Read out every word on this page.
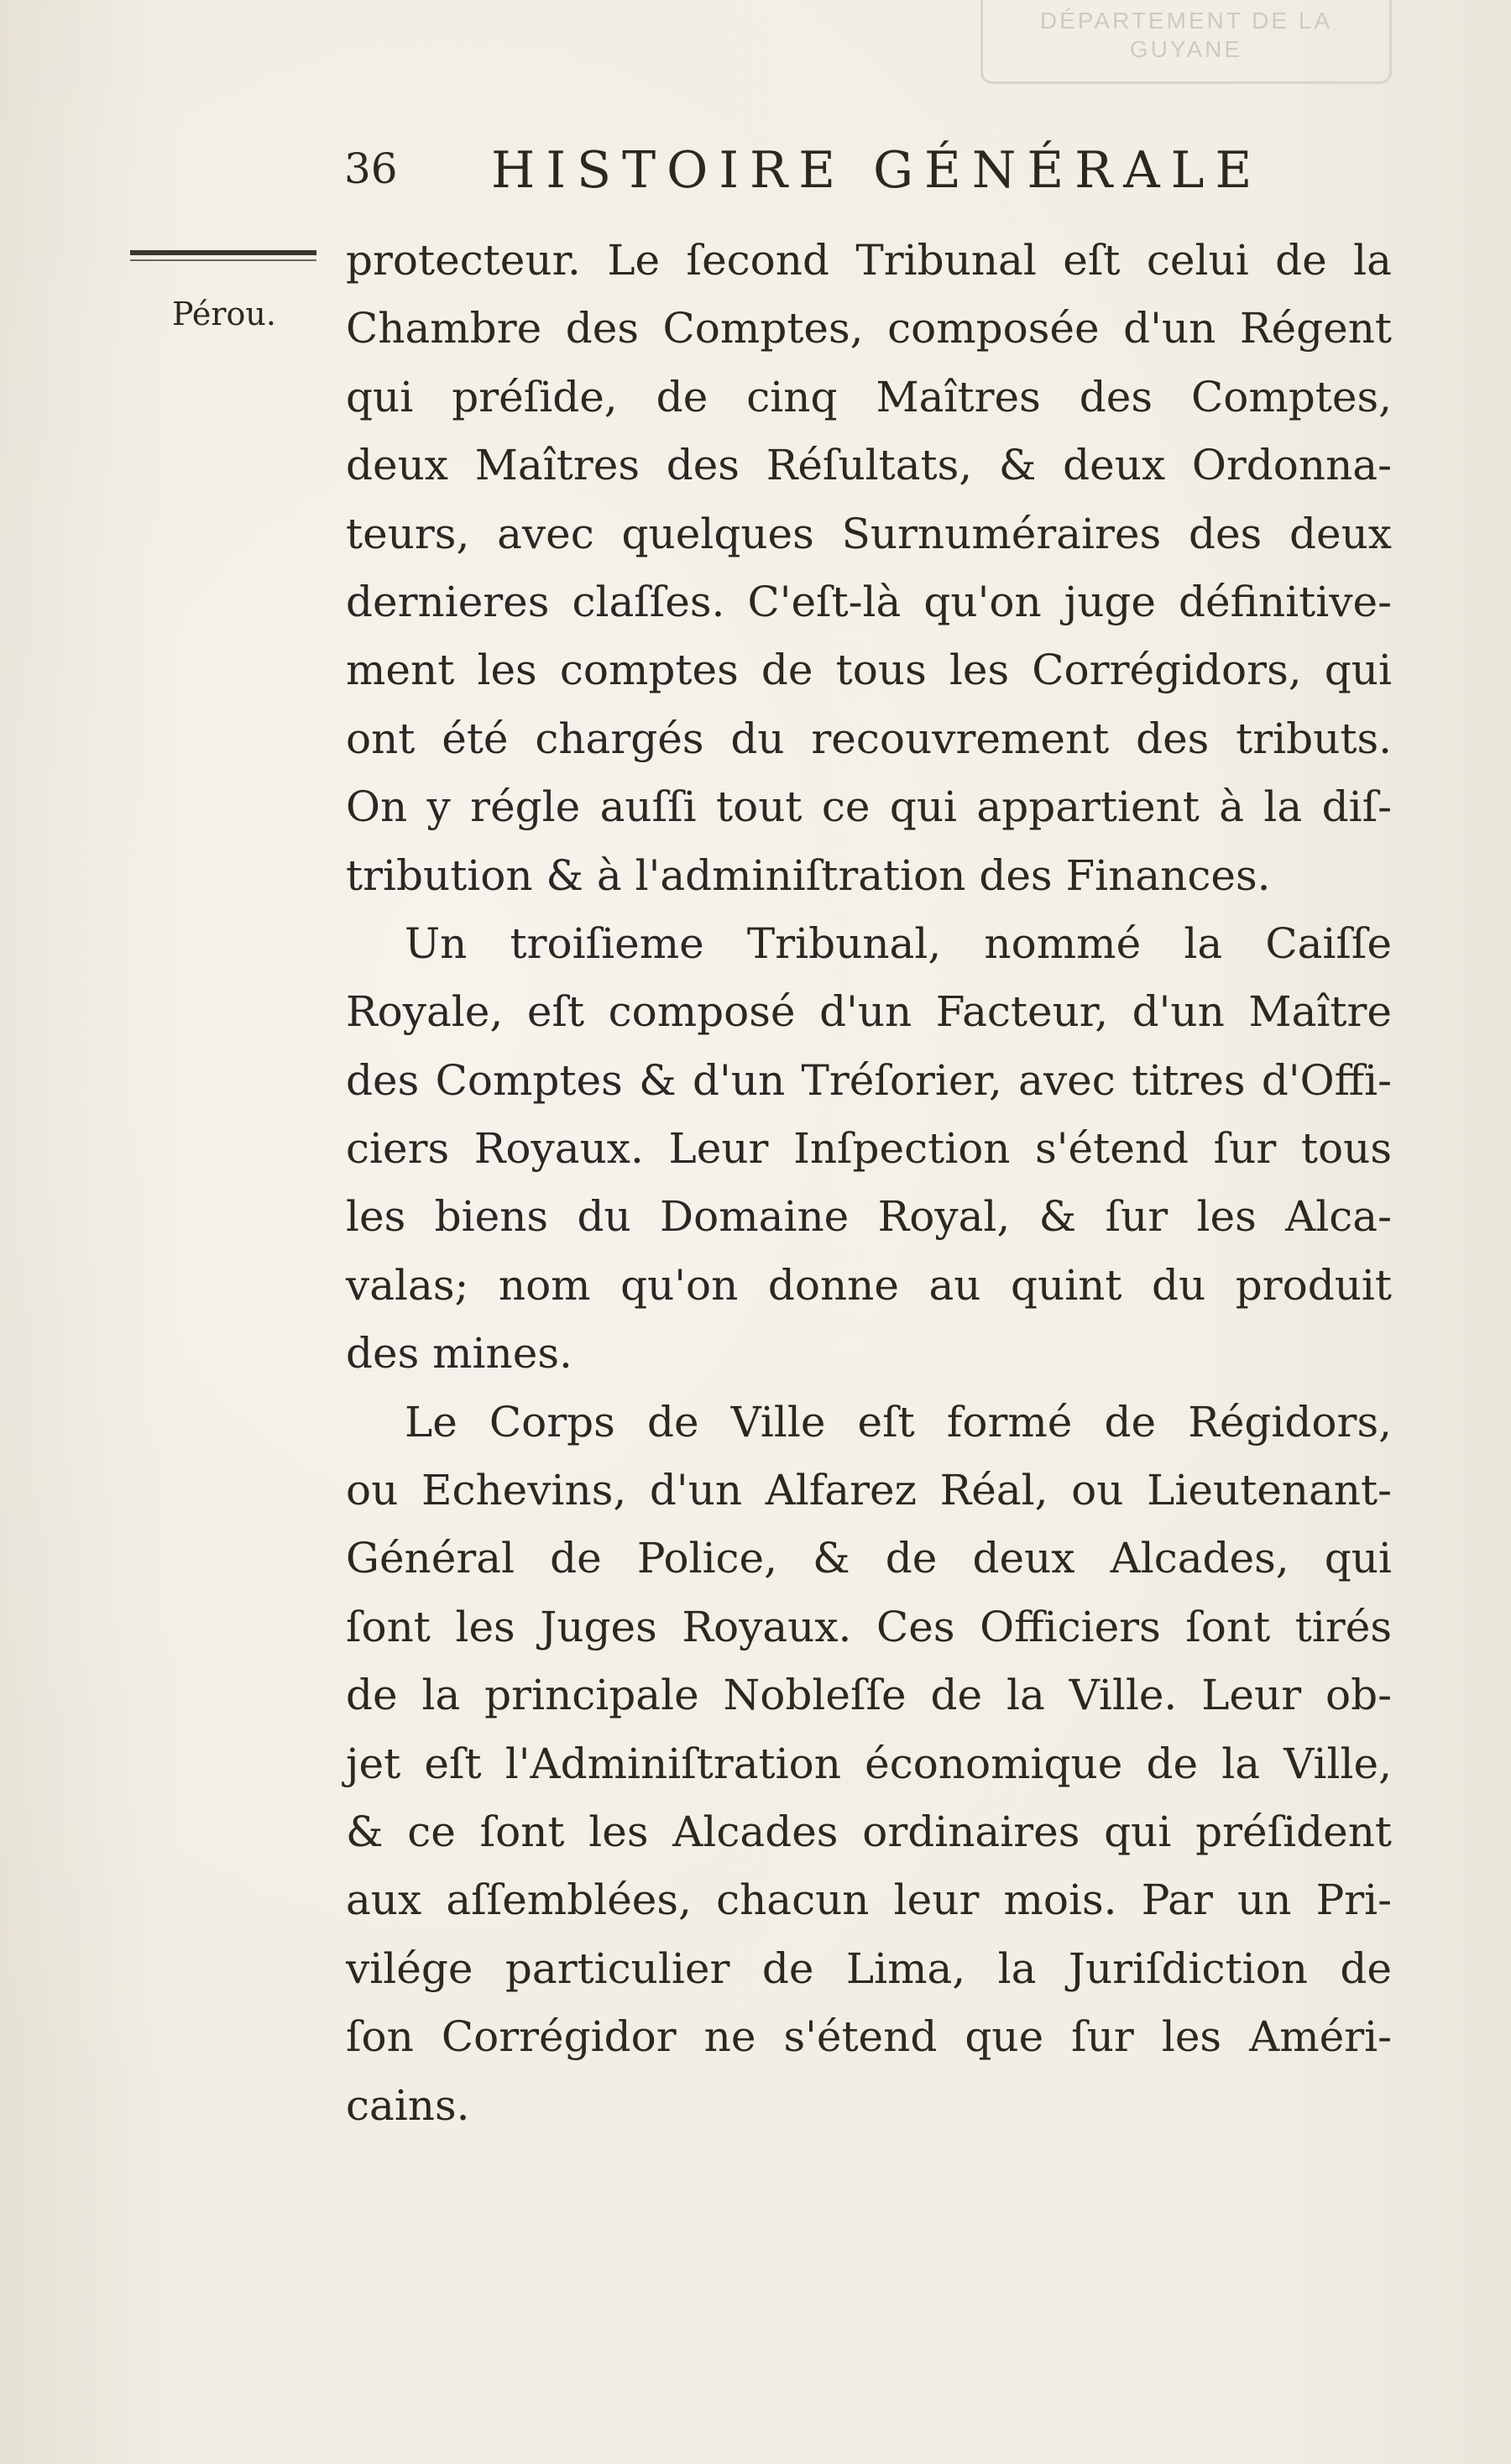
DÉPARTEMENT DE LA
GUYANE
36 HISTOIRE GÉNÉRALE
Pérou.
protecteur. Le ſecond Tribunal eſt celui de la
Chambre des Comptes, composée d'un Régent
qui préſide, de cinq Maîtres des Comptes,
deux Maîtres des Réſultats, & deux Ordonna-
teurs, avec quelques Surnuméraires des deux
dernieres claſſes. C'eſt-là qu'on juge définitive-
ment les comptes de tous les Corrégidors, qui
ont été chargés du recouvrement des tributs.
On y régle auſſi tout ce qui appartient à la diſ-
tribution & à l'adminiſtration des Finances.
Un troiſieme Tribunal, nommé la Caiſſe
Royale, eſt composé d'un Facteur, d'un Maître
des Comptes & d'un Tréſorier, avec titres d'Offi-
ciers Royaux. Leur Inſpection s'étend ſur tous
les biens du Domaine Royal, & ſur les Alca-
valas; nom qu'on donne au quint du produit
des mines.
Le Corps de Ville eſt formé de Régidors,
ou Echevins, d'un Alfarez Réal, ou Lieutenant-
Général de Police, & de deux Alcades, qui
ſont les Juges Royaux. Ces Officiers ſont tirés
de la principale Nobleſſe de la Ville. Leur ob-
jet eſt l'Adminiſtration économique de la Ville,
& ce ſont les Alcades ordinaires qui préſident
aux aſſemblées, chacun leur mois. Par un Pri-
vilége particulier de Lima, la Juriſdiction de
ſon Corrégidor ne s'étend que ſur les Améri-
cains.
